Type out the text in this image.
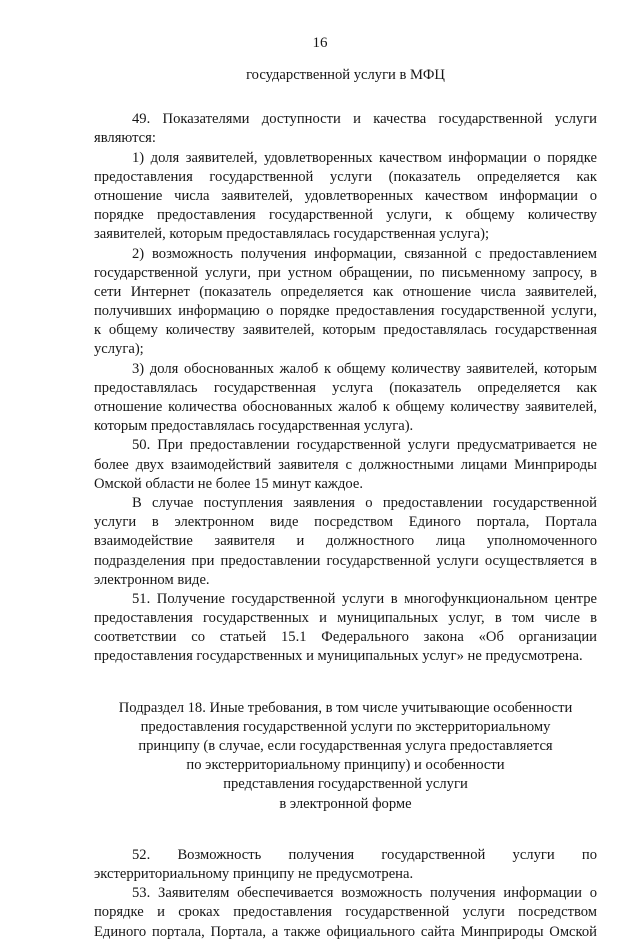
16
государственной услуги в МФЦ
49. Показателями доступности и качества государственной услуги
являются:
1) доля заявителей, удовлетворенных качеством информации о порядке
предоставления государственной услуги (показатель определяется как
отношение числа заявителей, удовлетворенных качеством информации о
порядке предоставления государственной услуги, к общему количеству
заявителей, которым предоставлялась государственная услуга);
2) возможность получения информации, связанной с предоставлением
государственной услуги, при устном обращении, по письменному запросу, в
сети Интернет (показатель определяется как отношение числа заявителей,
получивших информацию о порядке предоставления государственной услуги,
к общему количеству заявителей, которым предоставлялась государственная
услуга);
3) доля обоснованных жалоб к общему количеству заявителей, которым
предоставлялась государственная услуга (показатель определяется как
отношение количества обоснованных жалоб к общему количеству заявителей,
которым предоставлялась государственная услуга).
50. При предоставлении государственной услуги предусматривается не
более двух взаимодействий заявителя с должностными лицами Минприроды
Омской области не более 15 минут каждое.
В случае поступления заявления о предоставлении государственной
услуги в электронном виде посредством Единого портала, Портала
взаимодействие заявителя и должностного лица уполномоченного
подразделения при предоставлении государственной услуги осуществляется в
электронном виде.
51. Получение государственной услуги в многофункциональном центре
предоставления государственных и муниципальных услуг, в том числе в
соответствии со статьей 15.1 Федерального закона «Об организации
предоставления государственных и муниципальных услуг» не предусмотрена.
Подраздел 18. Иные требования, в том числе учитывающие особенности
предоставления государственной услуги по экстерриториальному
принципу (в случае, если государственная услуга предоставляется
по экстерриториальному принципу) и особенности
представления государственной услуги
в электронной форме
52. Возможность получения государственной услуги по
экстерриториальному принципу не предусмотрена.
53. Заявителям обеспечивается возможность получения информации о
порядке и сроках предоставления государственной услуги посредством
Единого портала, Портала, а также официального сайта Минприроды Омской
